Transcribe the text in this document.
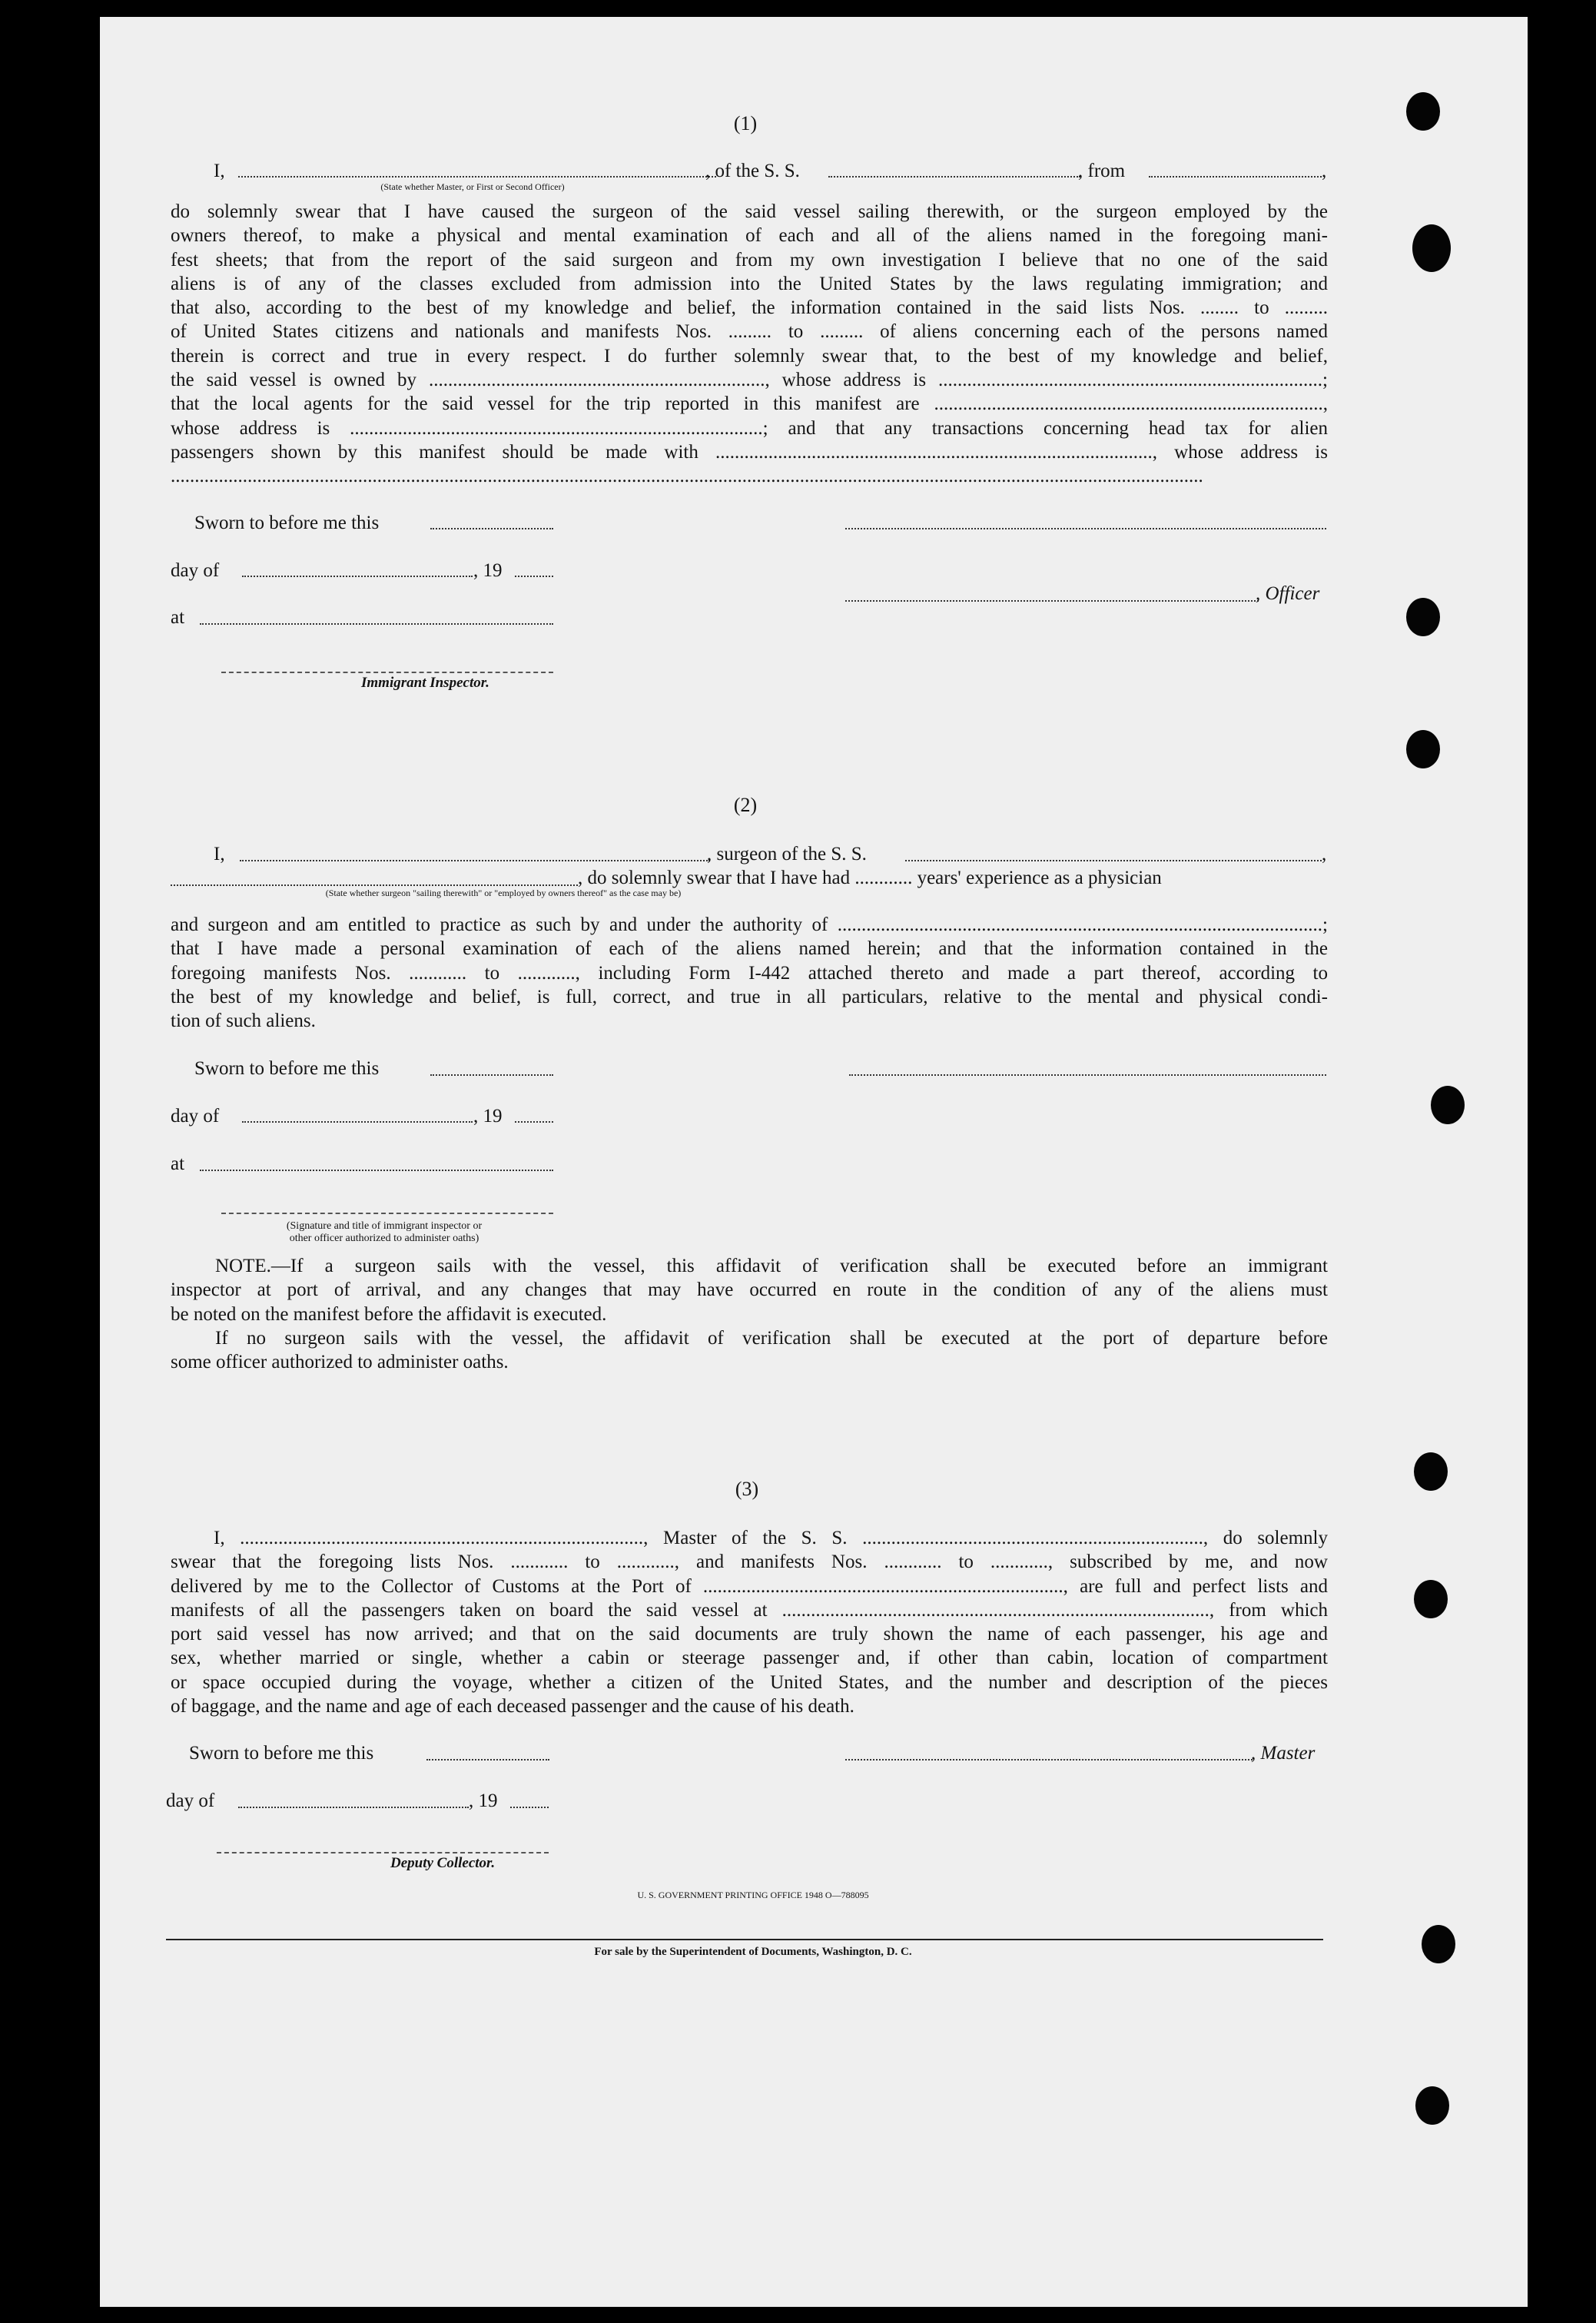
(1)

I,	, of the S. S.	, from	,

(State whether Master, or First or Second Officer)

do solemnly swear that I have caused the surgeon of the said vessel sailing therewith, or the surgeon employed by the
owners thereof, to make a physical and mental examination of each and all of the aliens named in the foregoing mani-
fest sheets; that from the report of the said surgeon and from my own investigation I believe that no one of the said
aliens is of any of the classes excluded from admission into the United States by the laws regulating immigration; and
that also, according to the best of my knowledge and belief, the information contained in the said lists Nos. ........ to .........
of United States citizens and nationals and manifests Nos. ......... to ......... of aliens concerning each of the persons named
therein is correct and true in every respect. I do further solemnly swear that, to the best of my knowledge and belief,
the said vessel is owned by ......................................................................, whose address is ................................................................................;
that the local agents for the said vessel for the trip reported in this manifest are .................................................................................,
whose address is ......................................................................................; and that any transactions concerning head tax for alien
passengers shown by this manifest should be made with ..........................................................................................., whose address is
.......................................................................................................................................................................................................................
Sworn to before me this
day of	, 19
, Officer
at

Immigrant Inspector.

(2)

I,	, surgeon of the S. S.	,
, do solemnly swear that I have had ............ years' experience as a physician

(State whether surgeon "sailing therewith" or "employed by owners thereof" as the case may be)

and surgeon and am entitled to practice as such by and under the authority of .....................................................................................................;
that I have made a personal examination of each of the aliens named herein; and that the information contained in the
foregoing manifests Nos. ............ to ............, including Form I-442 attached thereto and made a part thereof, according to
the best of my knowledge and belief, is full, correct, and true in all particulars, relative to the mental and physical condi-
tion of such aliens.
Sworn to before me this
day of	, 19
at

(Signature and title of immigrant inspector or

other officer authorized to administer oaths)

NOTE.—If a surgeon sails with the vessel, this affidavit of verification shall be executed before an immigrant
inspector at port of arrival, and any changes that may have occurred en route in the condition of any of the aliens must
be noted on the manifest before the affidavit is executed.
If no surgeon sails with the vessel, the affidavit of verification shall be executed at the port of departure before
some officer authorized to administer oaths.

(3)

I, ...................................................................................., Master of the S. S. ......................................................................., do solemnly
swear that the foregoing lists Nos. ............ to ............, and manifests Nos. ............ to ............, subscribed by me, and now
delivered by me to the Collector of Customs at the Port of ..........................................................................., are full and perfect lists and
manifests of all the passengers taken on board the said vessel at ........................................................................................., from which
port said vessel has now arrived; and that on the said documents are truly shown the name of each passenger, his age and
sex, whether married or single, whether a cabin or steerage passenger and, if other than cabin, location of compartment
or space occupied during the voyage, whether a citizen of the United States, and the number and description of the pieces
of baggage, and the name and age of each deceased passenger and the cause of his death.
Sworn to before me this	, Master
day of	, 19

Deputy Collector.

U. S. GOVERNMENT PRINTING OFFICE 1948 O—788095

For sale by the Superintendent of Documents, Washington, D. C.
